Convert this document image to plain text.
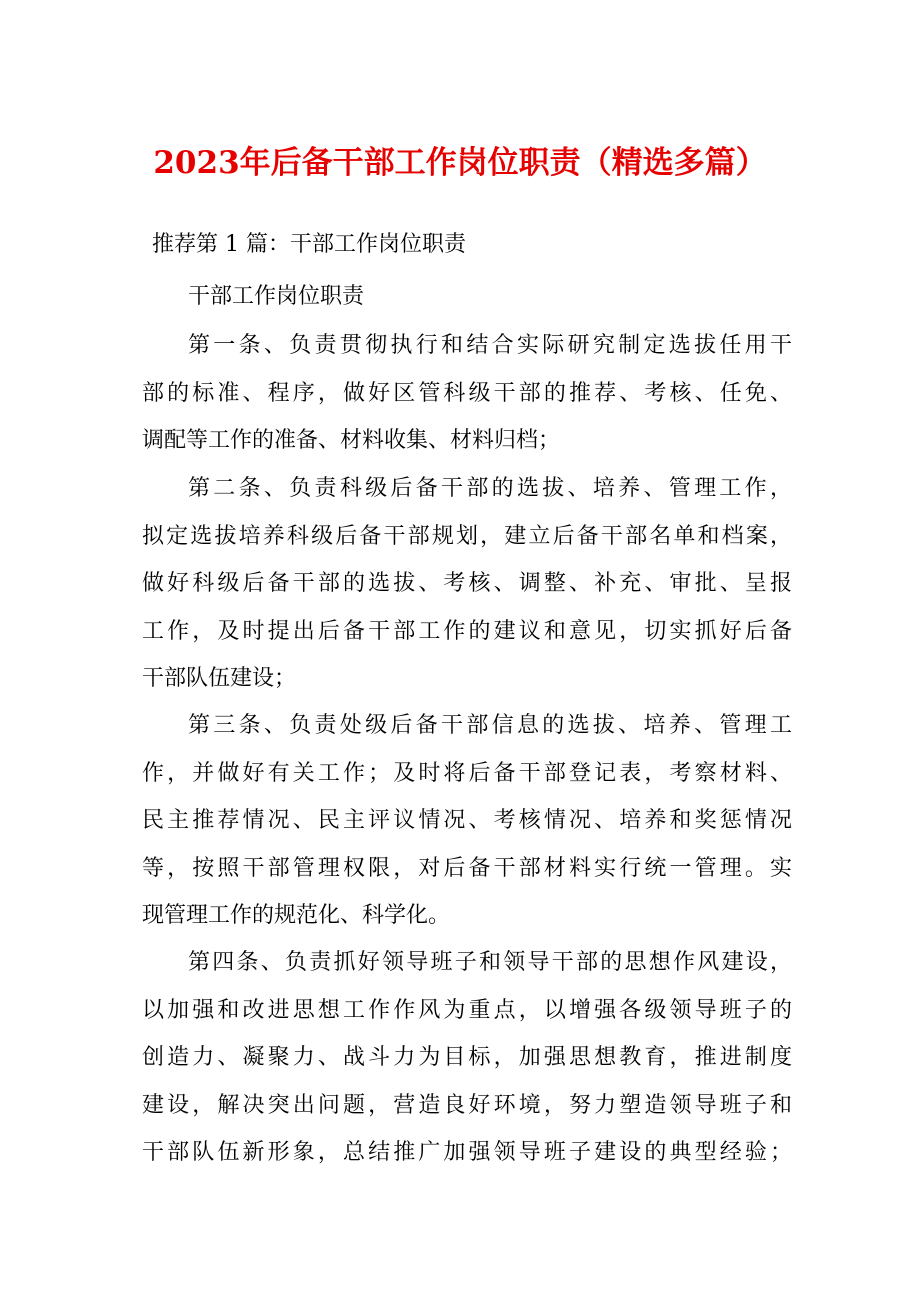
2023年后备干部工作岗位职责（精选多篇）

推荐第 1 篇：干部工作岗位职责

干部工作岗位职责

第一条、负责贯彻执行和结合实际研究制定选拔任用干
部的标准、程序，做好区管科级干部的推荐、考核、任免、
调配等工作的准备、材料收集、材料归档；
第二条、负责科级后备干部的选拔、培养、管理工作，
拟定选拔培养科级后备干部规划，建立后备干部名单和档案，
做好科级后备干部的选拔、考核、调整、补充、审批、呈报
工作，及时提出后备干部工作的建议和意见，切实抓好后备
干部队伍建设；
第三条、负责处级后备干部信息的选拔、培养、管理工
作，并做好有关工作；及时将后备干部登记表，考察材料、
民主推荐情况、民主评议情况、考核情况、培养和奖惩情况
等，按照干部管理权限，对后备干部材料实行统一管理。实
现管理工作的规范化、科学化。
第四条、负责抓好领导班子和领导干部的思想作风建设，
以加强和改进思想工作作风为重点，以增强各级领导班子的
创造力、凝聚力、战斗力为目标，加强思想教育，推进制度
建设，解决突出问题，营造良好环境，努力塑造领导班子和
干部队伍新形象，总结推广加强领导班子建设的典型经验；
